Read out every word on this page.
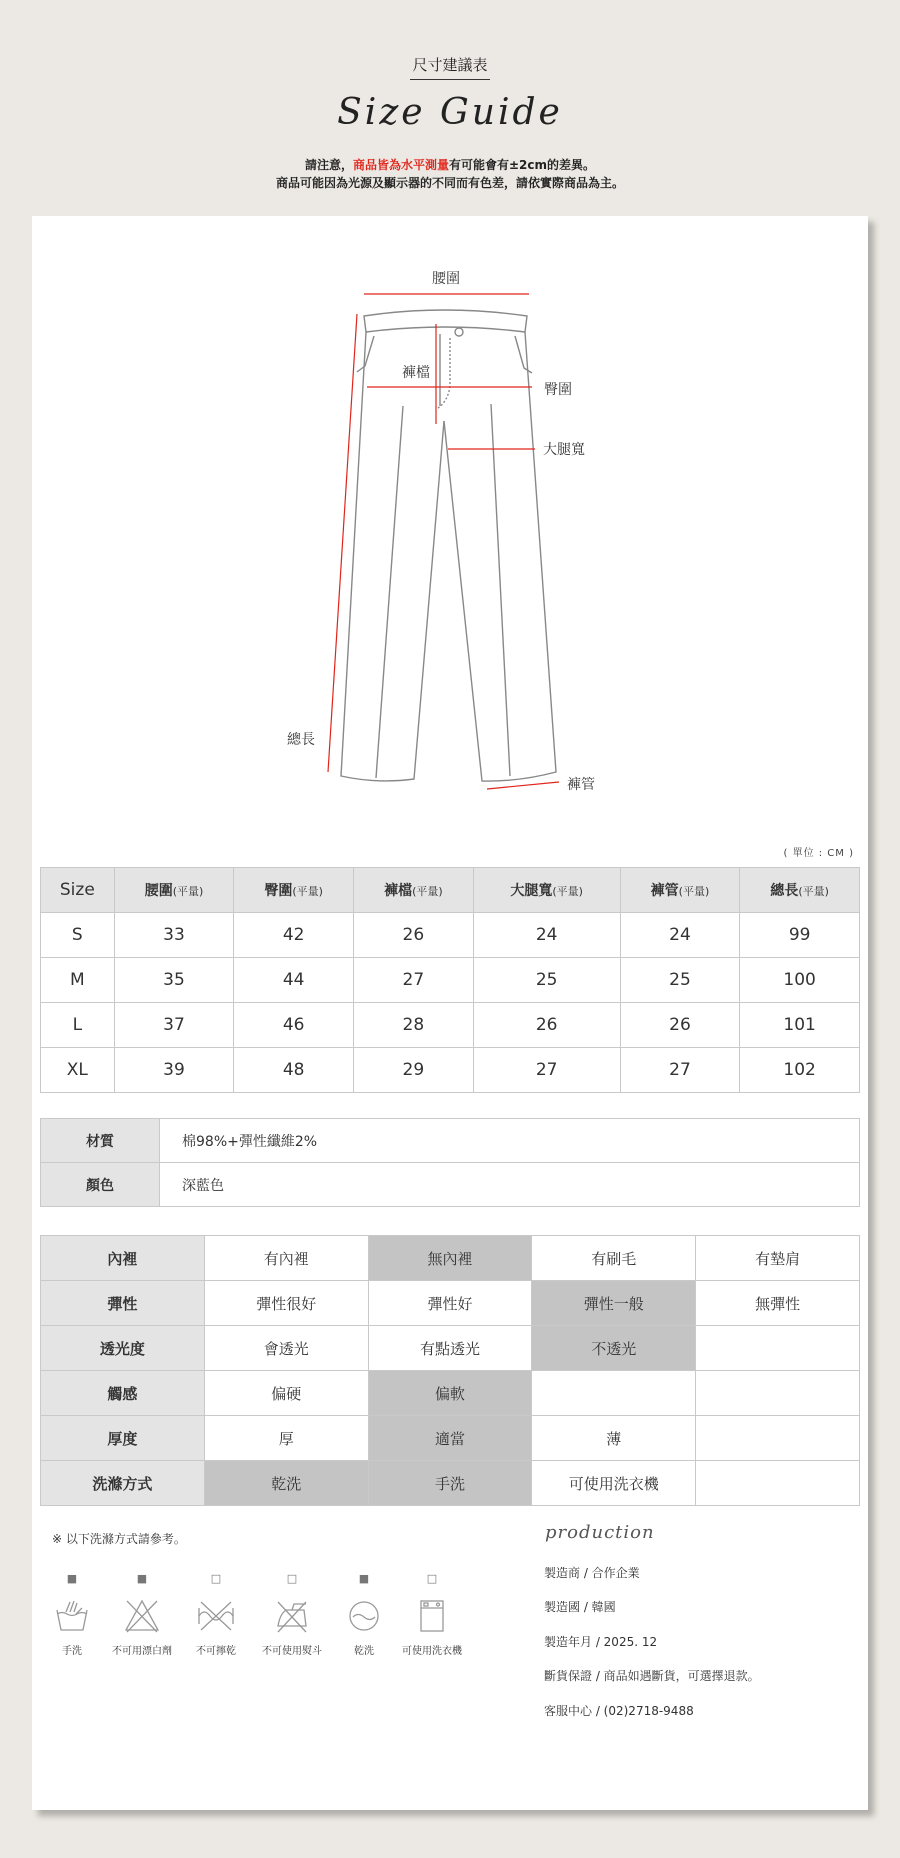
尺寸建議表
Size Guide
請注意，商品皆為水平測量有可能會有±2cm的差異。
商品可能因為光源及顯示器的不同而有色差，請依實際商品為主。
腰圍
褲檔
臀圍
大腿寬
總長
褲管
( 單位 : CM )
Size	腰圍(平量)	臀圍(平量)	褲檔(平量)	大腿寬(平量)	褲管(平量)	總長(平量)
S	33	42	26	24	24	99
M	35	44	27	25	25	100
L	37	46	28	26	26	101
XL	39	48	29	27	27	102
材質	棉98%+彈性纖維2%
顏色	深藍色
內裡	有內裡	無內裡	有刷毛	有墊肩
彈性	彈性很好	彈性好	彈性一般	無彈性
透光度	會透光	有點透光	不透光	
觸感	偏硬	偏軟		
厚度	厚	適當	薄	
洗滌方式	乾洗	手洗	可使用洗衣機	
※ 以下洗滌方式請參考。
■
手洗
■
不可用漂白劑
□
不可擰乾
□
不可使用熨斗
■
乾洗
□
可使用洗衣機
production
製造商 / 合作企業
製造國 / 韓國
製造年月 / 2025. 12
斷貨保證 / 商品如遇斷貨，可選擇退款。
客服中心 / (02)2718-9488
